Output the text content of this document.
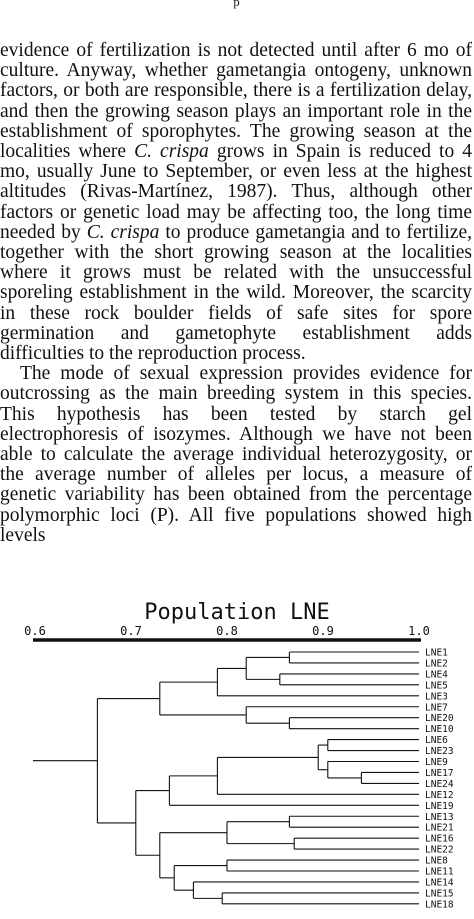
p

evidence of fertilization is not detected until after 6 mo of culture. Anyway, whether gametangia ontogeny, unknown factors, or both are responsible, there is a fertilization delay, and then the growing season plays an important role in the establishment of sporophytes. The growing season at the localities where C. crispa grows in Spain is reduced to 4 mo, usually June to September, or even less at the highest altitudes (Rivas-Martínez, 1987). Thus, although other factors or genetic load may be affecting too, the long time needed by C. crispa to produce gametangia and to fertilize, together with the short growing season at the localities where it grows must be related with the unsuccessful sporeling establishment in the wild. Moreover, the scarcity in these rock boulder fields of safe sites for spore germination and gametophyte establishment adds difficulties to the reproduction process.

The mode of sexual expression provides evidence for outcrossing as the main breeding system in this species. This hypothesis has been tested by starch gel electrophoresis of isozymes. Although we have not been able to calculate the average individual heterozygosity, or the average number of alleles per locus, a measure of genetic variability has been obtained from the percentage polymorphic loci (P). All five populations showed high levels

Population LNE
0.6	0.7	0.8	0.9	1.0
LNE1
LNE2
LNE4
LNE5
LNE3
LNE7
LNE20
LNE10
LNE6
LNE23
LNE9
LNE17
LNE24
LNE12
LNE19
LNE13
LNE21
LNE16
LNE22
LNE8
LNE11
LNE14
LNE15
LNE18
